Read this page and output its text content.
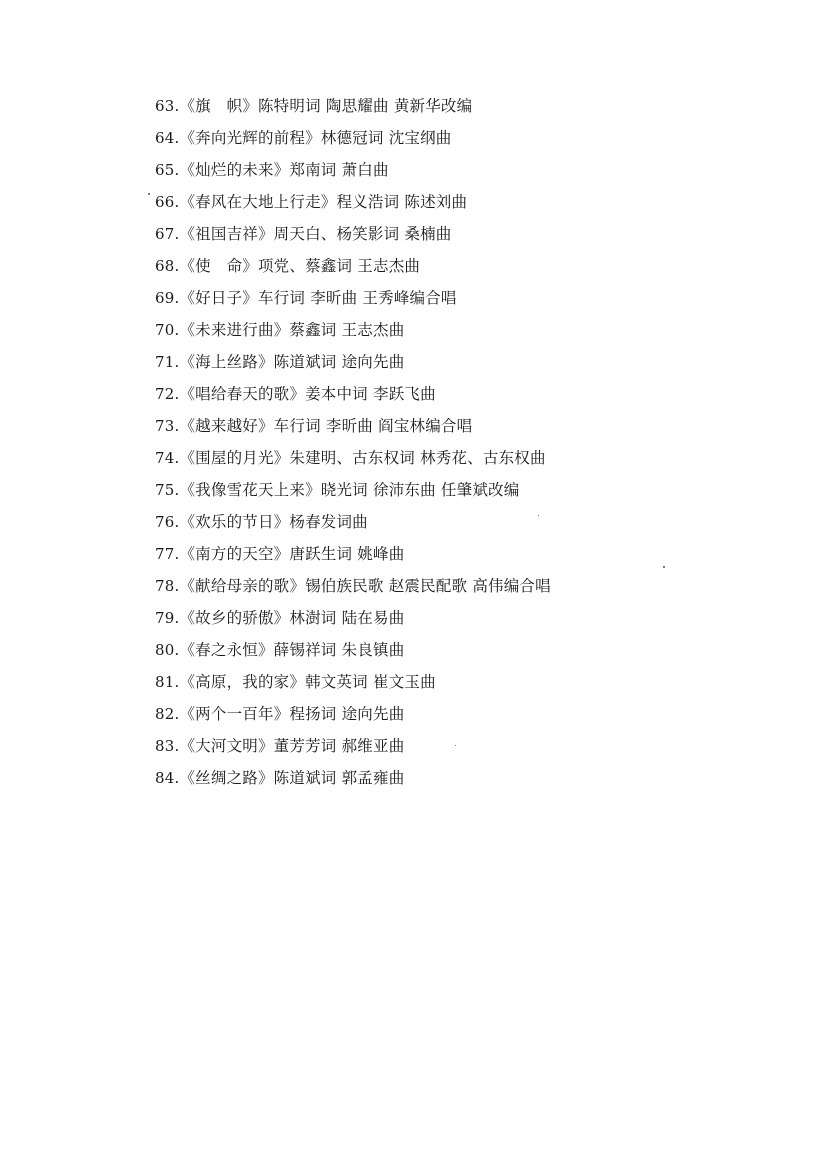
63.《旗　帜》陈特明词 陶思耀曲 黄新华改编
64.《奔向光辉的前程》林德冠词 沈宝纲曲
65.《灿烂的未来》郑南词 萧白曲
66.《春风在大地上行走》程义浩词 陈述刘曲
67.《祖国吉祥》周天白、杨笑影词 桑楠曲
68.《使　命》项党、蔡鑫词 王志杰曲
69.《好日子》车行词 李昕曲 王秀峰编合唱
70.《未来进行曲》蔡鑫词 王志杰曲
71.《海上丝路》陈道斌词 途向先曲
72.《唱给春天的歌》姜本中词 李跃飞曲
73.《越来越好》车行词 李昕曲 阎宝林编合唱
74.《围屋的月光》朱建明、古东权词 林秀花、古东权曲
75.《我像雪花天上来》晓光词 徐沛东曲 任肇斌改编
76.《欢乐的节日》杨春发词曲
77.《南方的天空》唐跃生词 姚峰曲
78.《献给母亲的歌》锡伯族民歌 赵震民配歌 高伟编合唱
79.《故乡的骄傲》林澍词 陆在易曲
80.《春之永恒》薛锡祥词 朱良镇曲
81.《高原，我的家》韩文英词 崔文玉曲
82.《两个一百年》程扬词 途向先曲
83.《大河文明》董芳芳词 郝维亚曲
84.《丝绸之路》陈道斌词 郭孟雍曲
